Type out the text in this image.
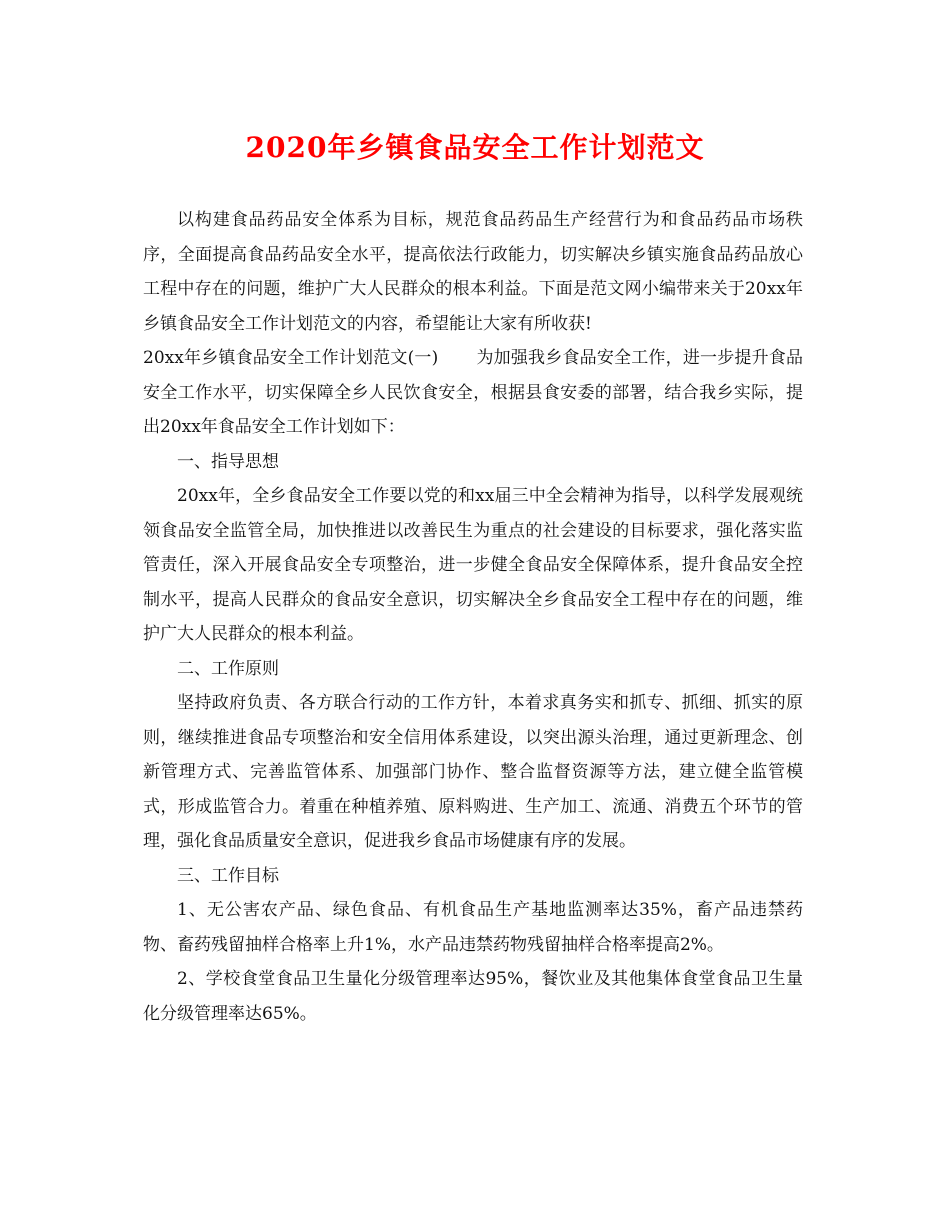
2020年乡镇食品安全工作计划范文

以构建食品药品安全体系为目标，规范食品药品生产经营行为和食品药品市场秩序，全面提高食品药品安全水平，提高依法行政能力，切实解决乡镇实施食品药品放心工程中存在的问题，维护广大人民群众的根本利益。下面是范文网小编带来关于20xx年乡镇食品安全工作计划范文的内容，希望能让大家有所收获!
20xx年乡镇食品安全工作计划范文(一) 为加强我乡食品安全工作，进一步提升食品安全工作水平，切实保障全乡人民饮食安全，根据县食安委的部署，结合我乡实际，提出20xx年食品安全工作计划如下：

一、指导思想

20xx年，全乡食品安全工作要以党的和xx届三中全会精神为指导，以科学发展观统领食品安全监管全局，加快推进以改善民生为重点的社会建设的目标要求，强化落实监管责任，深入开展食品安全专项整治，进一步健全食品安全保障体系，提升食品安全控制水平，提高人民群众的食品安全意识，切实解决全乡食品安全工程中存在的问题，维护广大人民群众的根本利益。

二、工作原则

坚持政府负责、各方联合行动的工作方针，本着求真务实和抓专、抓细、抓实的原则，继续推进食品专项整治和安全信用体系建设，以突出源头治理，通过更新理念、创新管理方式、完善监管体系、加强部门协作、整合监督资源等方法，建立健全监管模式，形成监管合力。着重在种植养殖、原料购进、生产加工、流通、消费五个环节的管理，强化食品质量安全意识，促进我乡食品市场健康有序的发展。

三、工作目标

1、无公害农产品、绿色食品、有机食品生产基地监测率达35%，畜产品违禁药物、畜药残留抽样合格率上升1%，水产品违禁药物残留抽样合格率提高2%。

2、学校食堂食品卫生量化分级管理率达95%，餐饮业及其他集体食堂食品卫生量化分级管理率达65%。
